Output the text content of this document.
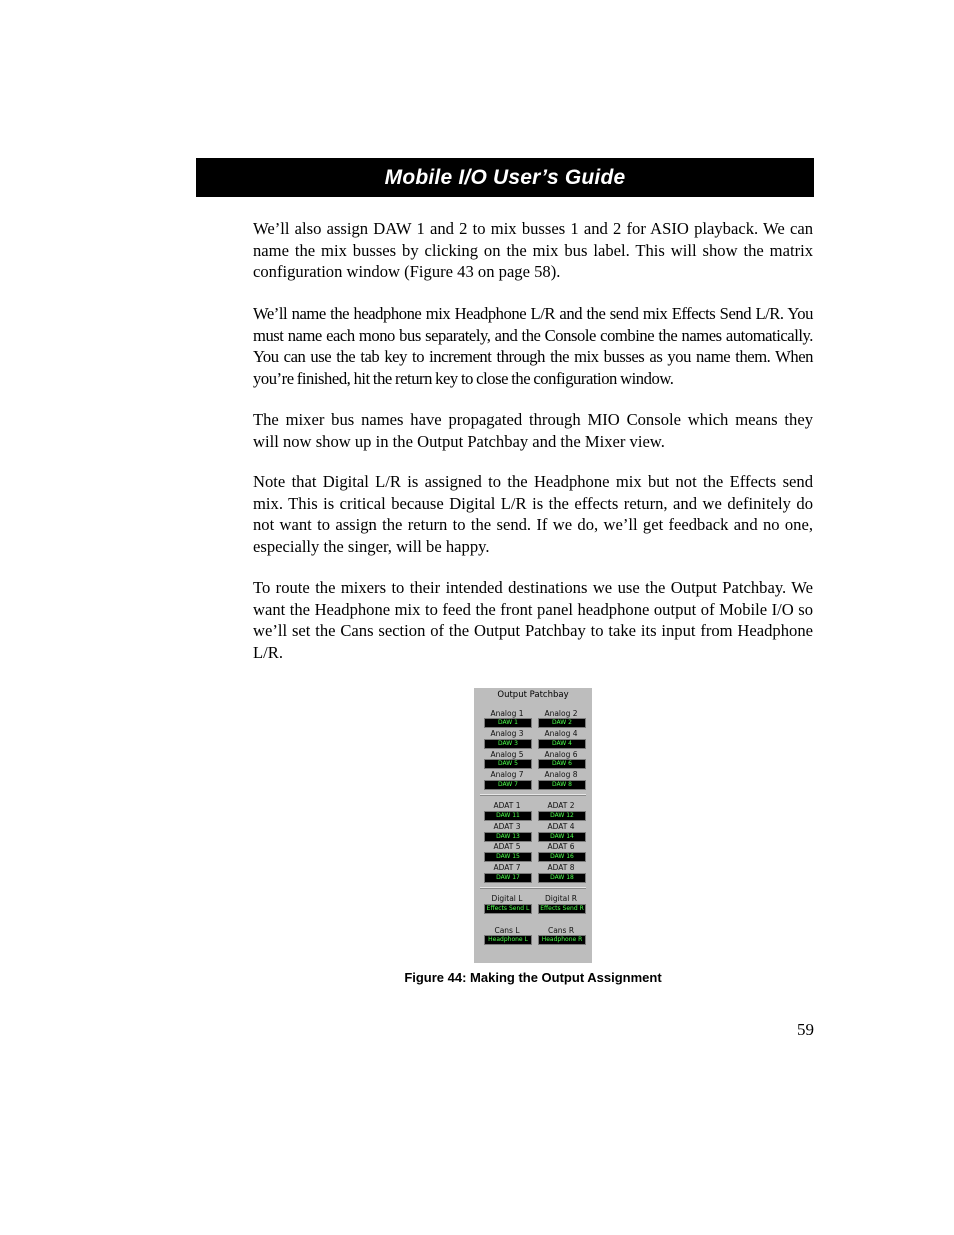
Mobile I/O User’s Guide

We’ll also assign DAW 1 and 2 to mix busses 1 and 2 for ASIO playback. We can name the mix busses by clicking on the mix bus label. This will show the matrix configuration window (Figure 43 on page 58).

We’ll name the headphone mix Headphone L/R and the send mix Effects Send L/R. You must name each mono bus separately, and the Console combine the names automatically. You can use the tab key to increment through the mix busses as you name them. When you’re finished, hit the return key to close the configuration window.

The mixer bus names have propagated through MIO Console which means they will now show up in the Output Patchbay and the Mixer view.

Note that Digital L/R is assigned to the Headphone mix but not the Effects send mix. This is critical because Digital L/R is the effects return, and we definitely do not want to assign the return to the send. If we do, we’ll get feedback and no one, especially the singer, will be happy.

To route the mixers to their intended destinations we use the Output Patchbay. We want the Headphone mix to feed the front panel headphone output of Mobile I/O so we’ll set the Cans section of the Output Patchbay to take its input from Headphone L/R.

Output Patchbay
Analog 1
DAW 1
Analog 2
DAW 2
Analog 3
DAW 3
Analog 4
DAW 4
Analog 5
DAW 5
Analog 6
DAW 6
Analog 7
DAW 7
Analog 8
DAW 8
ADAT 1
DAW 11
ADAT 2
DAW 12
ADAT 3
DAW 13
ADAT 4
DAW 14
ADAT 5
DAW 15
ADAT 6
DAW 16
ADAT 7
DAW 17
ADAT 8
DAW 18
Digital L
Effects Send L
Digital R
Effects Send R
Cans L
Headphone L
Cans R
Headphone R
Figure 44: Making the Output Assignment
59
